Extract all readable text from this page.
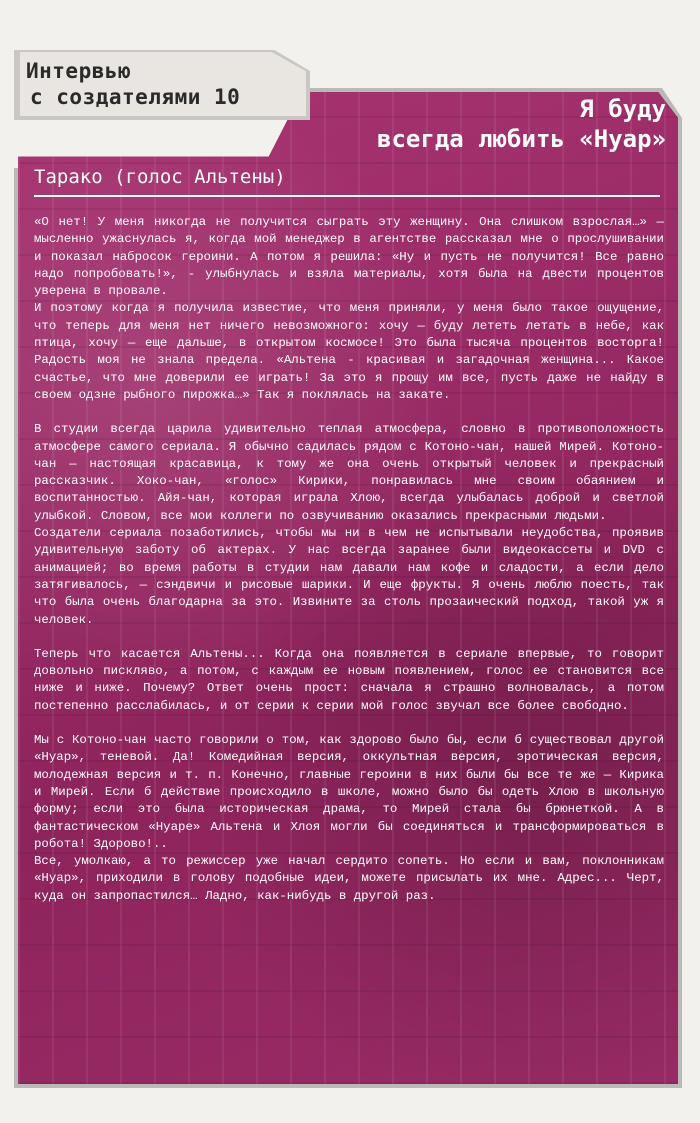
Интервью
с создателями 10	Я буду
всегда любить «Нуар»
Тарако (голос Альтены)

«О нет! У меня никогда не получится сыграть эту женщину. Она слишком взрослая…» — мысленно ужаснулась я, когда мой менеджер в агентстве рассказал мне о прослушивании и показал набросок героини. А потом я решила: «Ну и пусть не получится! Все равно надо попробовать!», - улыбнулась и взяла материалы, хотя была на двести процентов уверена в провале.

И поэтому когда я получила известие, что меня приняли, у меня было такое ощущение, что теперь для меня нет ничего невозможного: хочу — буду лететь летать в небе, как птица, хочу — еще дальше, в открытом космосе! Это была тысяча процентов восторга! Радость моя не знала предела. «Альтена - красивая и загадочная женщина... Какое счастье, что мне доверили ее играть! За это я прощу им все, пусть даже не найду в своем одзне рыбного пирожка…» Так я поклялась на закате.

В студии всегда царила удивительно теплая атмосфера, словно в противоположность атмосфере самого сериала. Я обычно садилась рядом с Котоно-чан, нашей Мирей. Котоно-чан — настоящая красавица, к тому же она очень открытый человек и прекрасный рассказчик. Хоко-чан, «голос» Кирики, понравилась мне своим обаянием и воспитанностью. Айя-чан, которая играла Хлою, всегда улыбалась доброй и светлой улыбкой. Словом, все мои коллеги по озвучиванию оказались прекрасными людьми.

Создатели сериала позаботились, чтобы мы ни в чем не испытывали неудобства, проявив удивительную заботу об актерах. У нас всегда заранее были видеокассеты и DVD с анимацией; во время работы в студии нам давали нам кофе и сладости, а если дело затягивалось, — сэндвичи и рисовые шарики. И еще фрукты. Я очень люблю поесть, так что была очень благодарна за это. Извините за столь прозаический подход, такой уж я человек.

Теперь что касается Альтены... Когда она появляется в сериале впервые, то говорит довольно пискляво, а потом, с каждым ее новым появлением, голос ее становится все ниже и ниже. Почему? Ответ очень прост: сначала я страшно волновалась, а потом постепенно расслабилась, и от серии к серии мой голос звучал все более свободно.

Мы с Котоно-чан часто говорили о том, как здорово было бы, если б существовал другой «Нуар», теневой. Да! Комедийная версия, оккультная версия, эротическая версия, молодежная версия и т. п. Конечно, главные героини в них были бы все те же — Кирика и Мирей. Если б действие происходило в школе, можно было бы одеть Хлою в школьную форму; если это была историческая драма, то Мирей стала бы брюнеткой. А в фантастическом «Нуаре» Альтена и Хлоя могли бы соединяться и трансформироваться в робота! Здорово!..

Все, умолкаю, а то режиссер уже начал сердито сопеть. Но если и вам, поклонникам «Нуар», приходили в голову подобные идеи, можете присылать их мне. Адрес... Черт, куда он запропастился… Ладно, как-нибудь в другой раз.
